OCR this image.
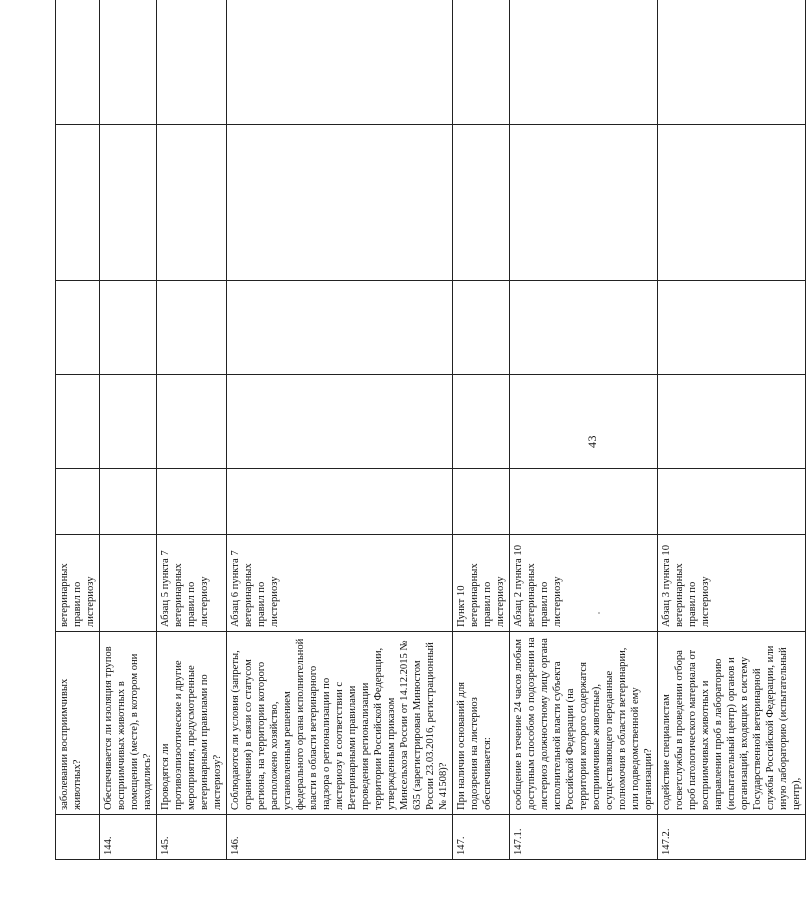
43
	заболевании восприимчивых животных?	ветеринарных правил по листериозу					
144.	Обеспечивается ли изоляция трупов восприимчивых животных в помещении (месте), в котором они находились?						
145.	Проводятся ли противоэпизоотические и другие мероприятия, предусмотренные ветеринарными правилами по листериозу?	Абзац 5 пункта 7 ветеринарных правил по листериозу					
146.	Соблюдаются ли условия (запреты, ограничения) в связи со статусом региона, на территории которого расположено хозяйство, установленным решением федерального органа исполнительной власти в области ветеринарного надзора о регионализации по листериозу в соответствии с Ветеринарными правилами проведения регионализации территории Российской Федерации, утвержденным приказом Минсельхоза России от 14.12.2015 № 635 (зарегистрирован Минюстом России 23.03.2016, регистрационный № 41508)?	Абзац 6 пункта 7 ветеринарных правил по листериозу					
147.	При наличии оснований для подозрения на листериоз обеспечивается:	Пункт 10 ветеринарных правил по листериозу					
147.1.	сообщение в течение 24 часов любым доступным способом о подозрении на листериоз должностному лицу органа исполнительной власти субъекта Российской Федерации (на территории которого содержатся восприимчивые животные), осуществляющего переданные полномочия в области ветеринарии, или подведомственной ему организации?	Абзац 2 пункта 10 ветеринарных правил по листериозу					
147.2.	содействие специалистам госветслужбы в проведении отбора проб патологического материала от восприимчивых животных и направлении проб в лабораторию (испытательный центр) органов и организаций, входящих в систему Государственной ветеринарной службы Российской Федерации, или иную лабораторию (испытательный центр),	Абзац 3 пункта 10 ветеринарных правил по листериозу					
